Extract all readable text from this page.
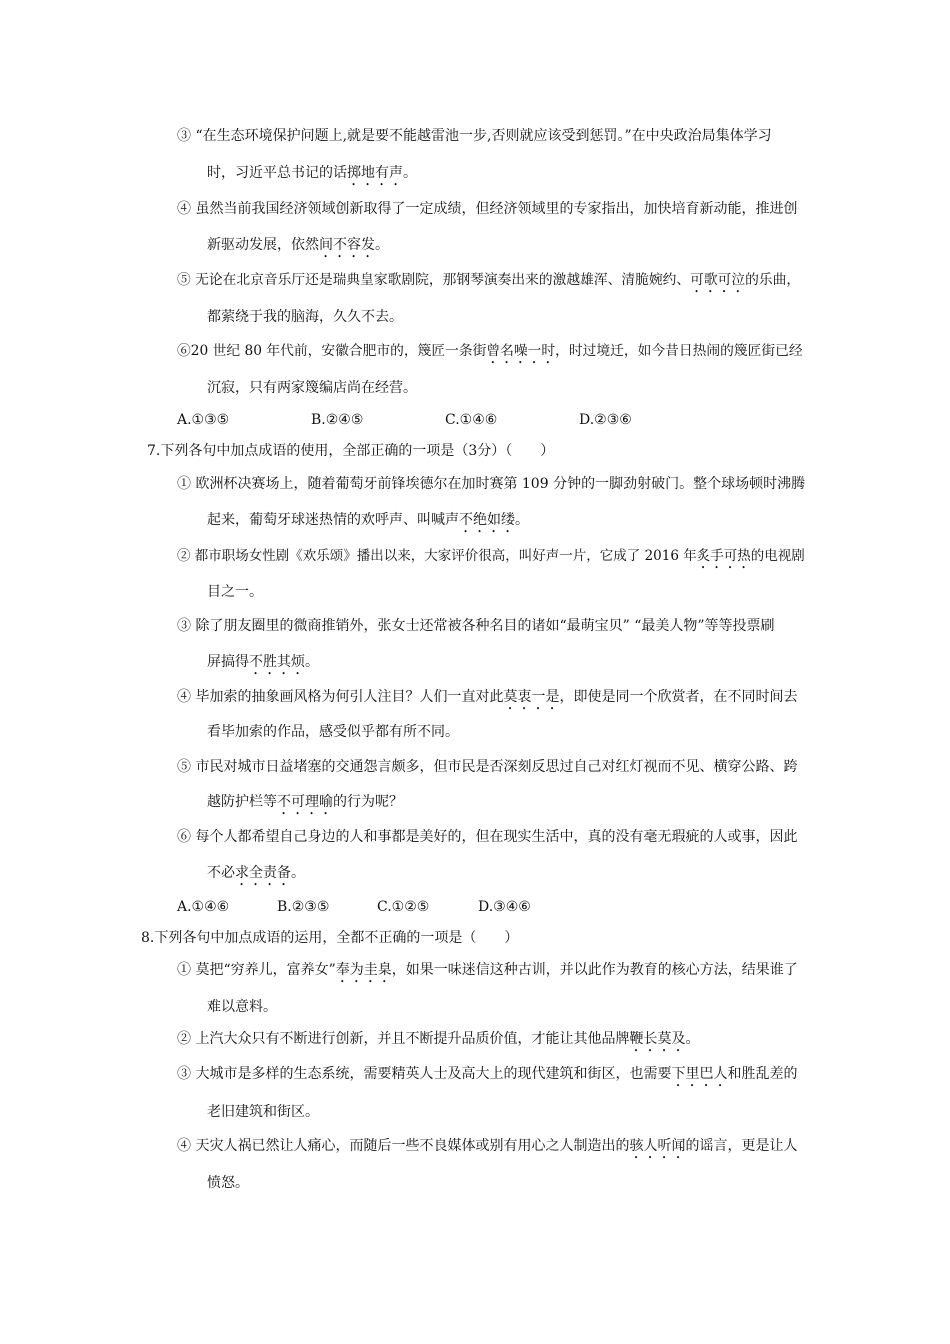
③ “在生态环境保护问题上,就是要不能越雷池一步,否则就应该受到惩罚。”在中央政治局集体学习
时，习近平总书记的话掷地有声。
④ 虽然当前我国经济领域创新取得了一定成绩，但经济领域里的专家指出，加快培育新动能，推进创
新驱动发展，依然间不容发。
⑤ 无论在北京音乐厅还是瑞典皇家歌剧院，那钢琴演奏出来的激越雄浑、清脆婉约、可歌可泣的乐曲，
都萦绕于我的脑海，久久不去。
⑥20 世纪 80 年代前，安徽合肥市的，篾匠一条街曾名噪一时，时过境迁，如今昔日热闹的篾匠街已经
沉寂，只有两家篾编店尚在经营。
A.①③⑤	B.②④⑤	C.①④⑥	D.②③⑥
7.下列各句中加点成语的使用，全部正确的一项是（3分）（　　）
① 欧洲杯决赛场上，随着葡萄牙前锋埃德尔在加时赛第 109 分钟的一脚劲射破门。整个球场顿时沸腾
起来，葡萄牙球迷热情的欢呼声、叫喊声不绝如缕。
② 都市职场女性剧《欢乐颂》播出以来，大家评价很高，叫好声一片，它成了 2016 年炙手可热的电视剧
目之一。
③ 除了朋友圈里的微商推销外，张女士还常被各种名目的诸如“最萌宝贝” “最美人物”等等投票刷
屏搞得不胜其烦。
④ 毕加索的抽象画风格为何引人注目？人们一直对此莫衷一是，即使是同一个欣赏者，在不同时间去
看毕加索的作品，感受似乎都有所不同。
⑤ 市民对城市日益堵塞的交通怨言颇多，但市民是否深刻反思过自己对红灯视而不见、横穿公路、跨
越防护栏等不可理喻的行为呢？
⑥ 每个人都希望自己身边的人和事都是美好的，但在现实生活中，真的没有毫无瑕疵的人或事，因此
不必求全责备。
A.①④⑥	B.②③⑤	C.①②⑤	D.③④⑥
8.下列各句中加点成语的运用，全都不正确的一项是（　　）
① 莫把“穷养儿，富养女”奉为圭臬，如果一味迷信这种古训，并以此作为教育的核心方法，结果谁了
难以意料。
② 上汽大众只有不断进行创新，并且不断提升品质价值，才能让其他品牌鞭长莫及。
③ 大城市是多样的生态系统，需要精英人士及高大上的现代建筑和街区，也需要下里巴人和胜乱差的
老旧建筑和街区。
④ 天灾人祸已然让人痛心，而随后一些不良媒体或别有用心之人制造出的骇人听闻的谣言，更是让人
愤怒。
